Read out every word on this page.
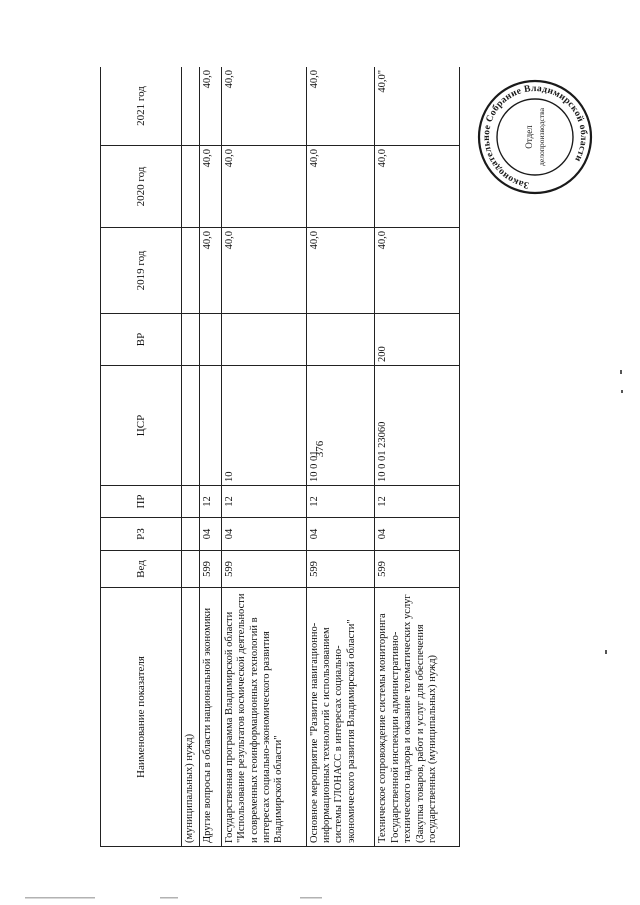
376
Наименование показателя	Вед	РЗ	ПР	ЦСР	ВР	2019 год	2020 год	2021 год
(муниципальных) нужд)								
Другие вопросы в области национальной экономики	599	04	12			40,0	40,0	40,0
Государственная программа Владимирской области "Использование результатов космической деятельности и современных геоинформационных технологий в интересах социально-экономического развития Владимирской области"	599	04	12	10		40,0	40,0	40,0
Основное мероприятие "Развитие навигационно-информационных технологий с использованием системы ГЛОНАСС в интересах социально-экономического развития Владимирской области"	599	04	12	10 0 01		40,0	40,0	40,0
Техническое сопровождение системы мониторинга Государственной инспекции административно-технического надзора и оказание телематических услуг (Закупка товаров, работ и услуг для обеспечения государственных (муниципальных) нужд)	599	04	12	10 0 01 23060	200	40,0	40,0	40,0"
Законодательное Собрание Владимирской области
Отдел делопроизводства
